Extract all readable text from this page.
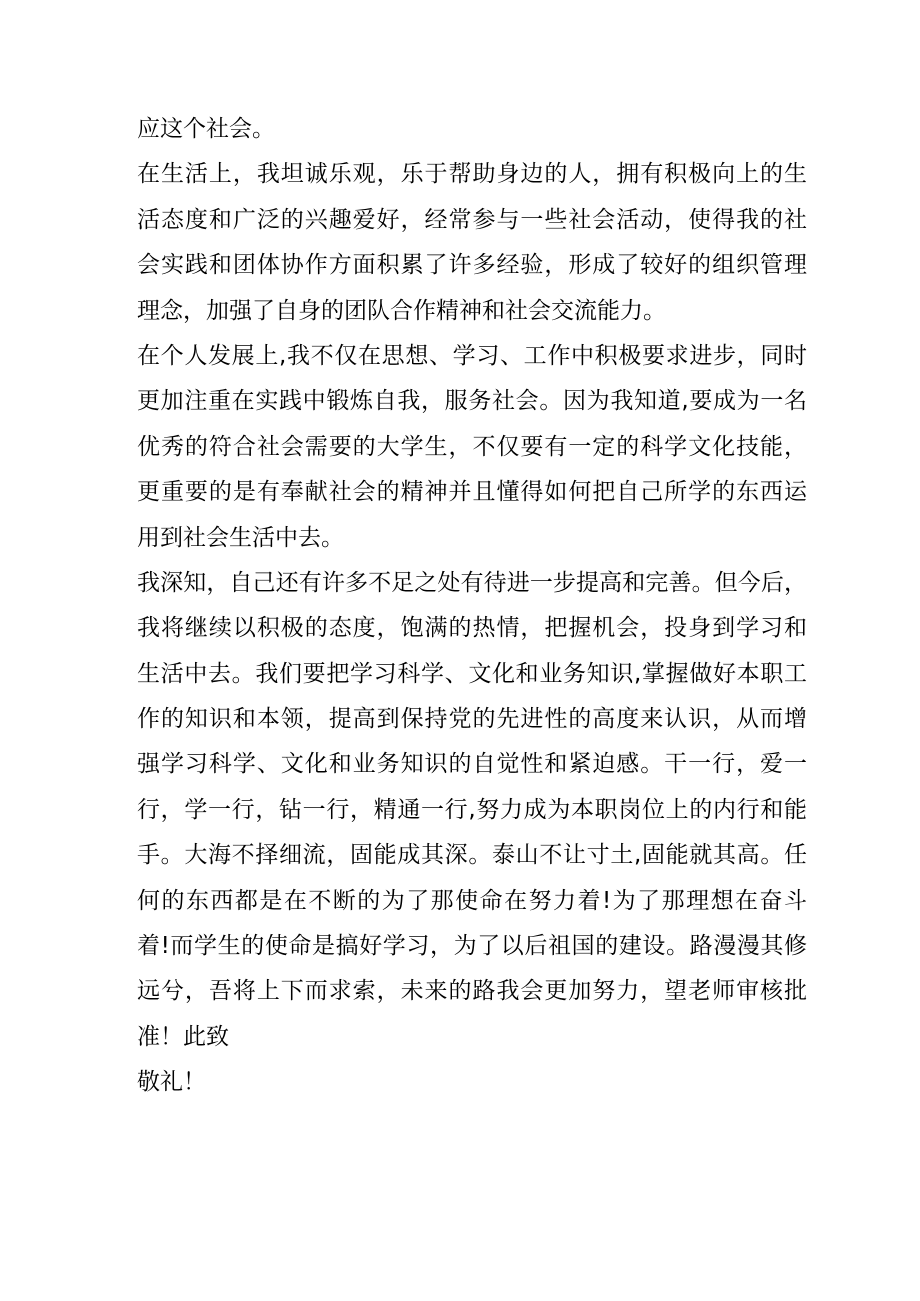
应这个社会。
在生活上，我坦诚乐观，乐于帮助身边的人，拥有积极向上的生
活态度和广泛的兴趣爱好，经常参与一些社会活动，使得我的社
会实践和团体协作方面积累了许多经验，形成了较好的组织管理
理念，加强了自身的团队合作精神和社会交流能力。
在个人发展上,我不仅在思想、学习、工作中积极要求进步，同时
更加注重在实践中锻炼自我，服务社会。因为我知道,要成为一名
优秀的符合社会需要的大学生，不仅要有一定的科学文化技能，
更重要的是有奉献社会的精神并且懂得如何把自己所学的东西运
用到社会生活中去。
我深知，自己还有许多不足之处有待进一步提高和完善。但今后，
我将继续以积极的态度，饱满的热情，把握机会，投身到学习和
生活中去。我们要把学习科学、文化和业务知识,掌握做好本职工
作的知识和本领，提高到保持党的先进性的高度来认识，从而增
强学习科学、文化和业务知识的自觉性和紧迫感。干一行，爱一
行，学一行，钻一行，精通一行,努力成为本职岗位上的内行和能
手。大海不择细流，固能成其深。泰山不让寸土,固能就其高。任
何的东西都是在不断的为了那使命在努力着!为了那理想在奋斗
着!而学生的使命是搞好学习，为了以后祖国的建设。路漫漫其修
远兮，吾将上下而求索，未来的路我会更加努力，望老师审核批
准！此致
敬礼！
